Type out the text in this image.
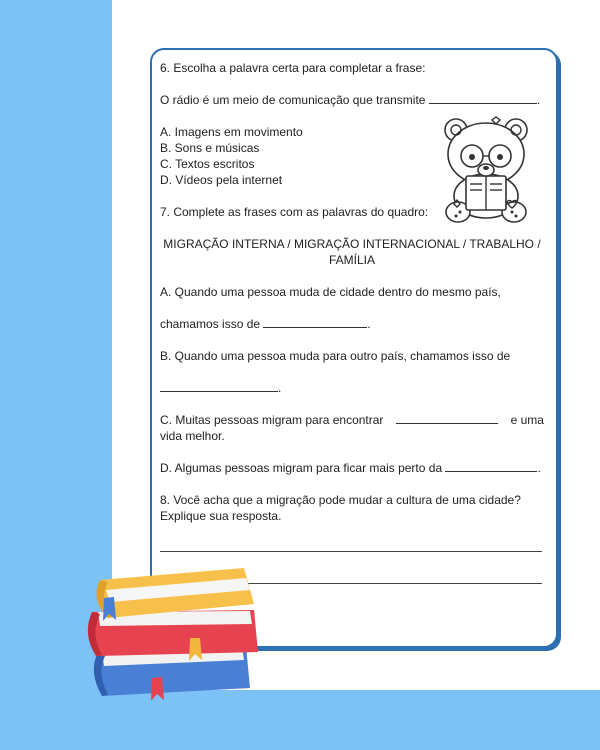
6. Escolha a palavra certa para completar a frase:
O rádio é um meio de comunicação que transmite	.
A. Imagens em movimento
B. Sons e músicas
C. Textos escritos
D. Vídeos pela internet
7. Complete as frases com as palavras do quadro:
MIGRAÇÃO INTERNA / MIGRAÇÃO INTERNACIONAL / TRABALHO /
FAMÍLIA
A. Quando uma pessoa muda de cidade dentro do mesmo país,
chamamos isso de	.
B. Quando uma pessoa muda para outro país, chamamos isso de
.
C. Muitas pessoas migram para encontrar	e uma
vida melhor.
D. Algumas pessoas migram para ficar mais perto da	.
8. Você acha que a migração pode mudar a cultura de uma cidade?
Explique sua resposta.
